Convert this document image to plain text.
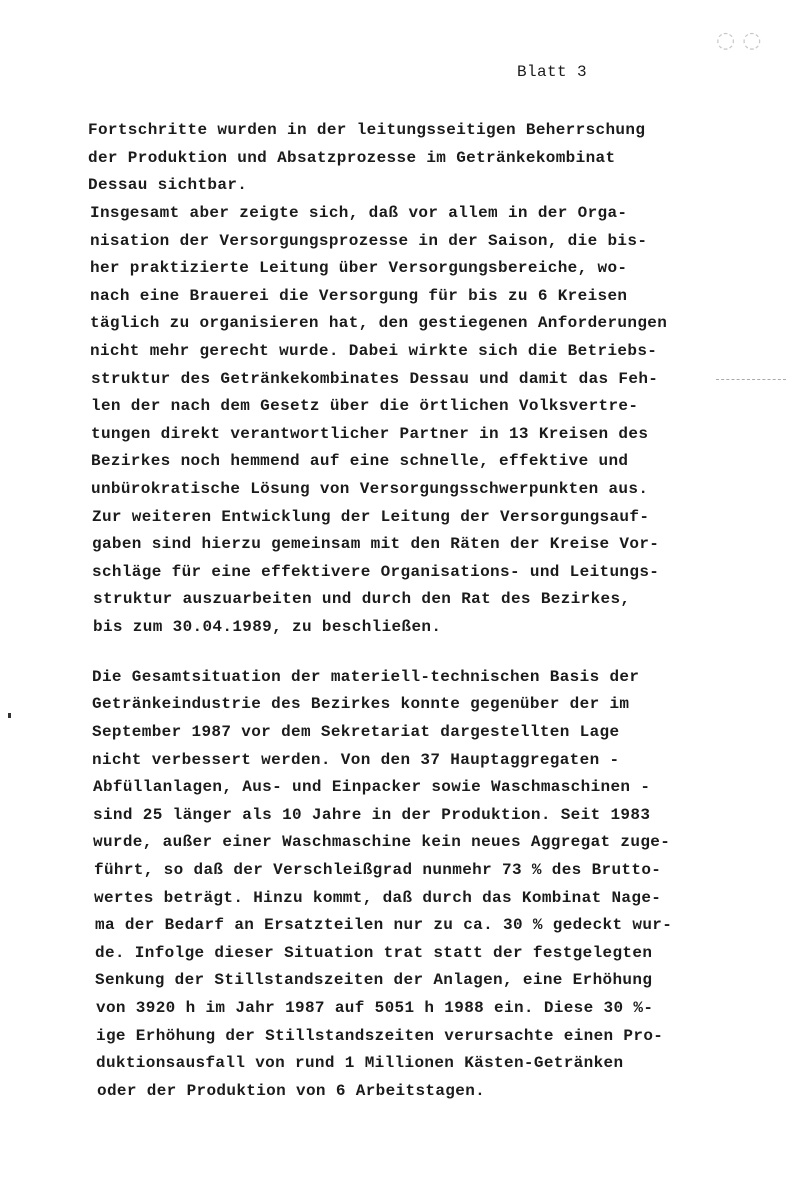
◌ ◌
Blatt 3
Fortschritte wurden in der leitungsseitigen Beherrschung
der Produktion und Absatzprozesse im Getränkekombinat
Dessau sichtbar.
Insgesamt aber zeigte sich, daß vor allem in der Orga-
nisation der Versorgungsprozesse in der Saison, die bis-
her praktizierte Leitung über Versorgungsbereiche, wo-
nach eine Brauerei die Versorgung für bis zu 6 Kreisen
täglich zu organisieren hat, den gestiegenen Anforderungen
nicht mehr gerecht wurde. Dabei wirkte sich die Betriebs-
struktur des Getränkekombinates Dessau und damit das Feh-
len der nach dem Gesetz über die örtlichen Volksvertre-
tungen direkt verantwortlicher Partner in 13 Kreisen des
Bezirkes noch hemmend auf eine schnelle, effektive und
unbürokratische Lösung von Versorgungsschwerpunkten aus.
Zur weiteren Entwicklung der Leitung der Versorgungsauf-
gaben sind hierzu gemeinsam mit den Räten der Kreise Vor-
schläge für eine effektivere Organisations- und Leitungs-
struktur auszuarbeiten und durch den Rat des Bezirkes,
bis zum 30.04.1989, zu beschließen.
Die Gesamtsituation der materiell-technischen Basis der
Getränkeindustrie des Bezirkes konnte gegenüber der im
September 1987 vor dem Sekretariat dargestellten Lage
nicht verbessert werden. Von den 37 Hauptaggregaten -
Abfüllanlagen, Aus- und Einpacker sowie Waschmaschinen -
sind 25 länger als 10 Jahre in der Produktion. Seit 1983
wurde, außer einer Waschmaschine kein neues Aggregat zuge-
führt, so daß der Verschleißgrad nunmehr 73 % des Brutto-
wertes beträgt. Hinzu kommt, daß durch das Kombinat Nage-
ma der Bedarf an Ersatzteilen nur zu ca. 30 % gedeckt wur-
de. Infolge dieser Situation trat statt der festgelegten
Senkung der Stillstandszeiten der Anlagen, eine Erhöhung
von 3920 h im Jahr 1987 auf 5051 h 1988 ein. Diese 30 %-
ige Erhöhung der Stillstandszeiten verursachte einen Pro-
duktionsausfall von rund 1 Millionen Kästen-Getränken
oder der Produktion von 6 Arbeitstagen.
